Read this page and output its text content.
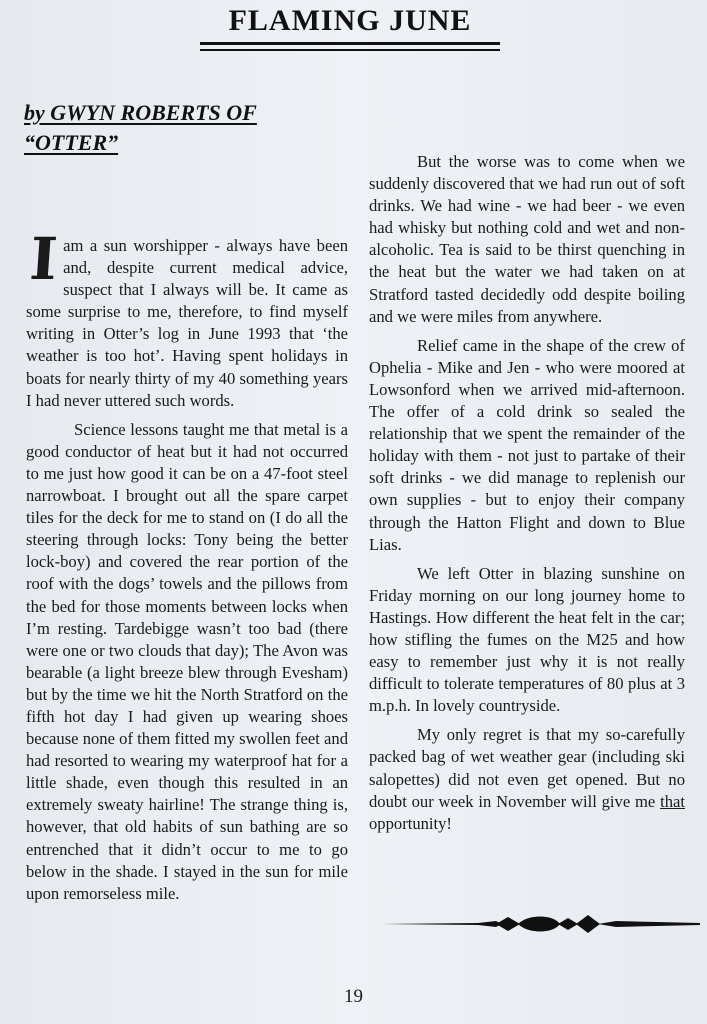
FLAMING JUNE
by GWYN ROBERTS OF
“OTTER”

Iam a sun worshipper - always have been and, despite current medical advice, suspect that I always will be. It came as some surprise to me, therefore, to find myself writing in Otter’s log in June 1993 that ‘the weather is too hot’. Having spent holidays in boats for nearly thirty of my 40 something years I had never uttered such words.

Science lessons taught me that metal is a good conductor of heat but it had not occurred to me just how good it can be on a 47-foot steel narrowboat. I brought out all the spare carpet tiles for the deck for me to stand on (I do all the steering through locks: Tony being the better lock-boy) and covered the rear portion of the roof with the dogs’ towels and the pillows from the bed for those moments between locks when I’m resting. Tardebigge wasn’t too bad (there were one or two clouds that day); The Avon was bearable (a light breeze blew through Evesham) but by the time we hit the North Stratford on the fifth hot day I had given up wearing shoes because none of them fitted my swollen feet and had resorted to wearing my waterproof hat for a little shade, even though this resulted in an extremely sweaty hairline! The strange thing is, however, that old habits of sun bathing are so entrenched that it didn’t occur to me to go below in the shade. I stayed in the sun for mile upon remorseless mile.

But the worse was to come when we suddenly discovered that we had run out of soft drinks. We had wine - we had beer - we even had whisky but nothing cold and wet and non-alcoholic. Tea is said to be thirst quenching in the heat but the water we had taken on at Stratford tasted decidedly odd despite boiling and we were miles from anywhere.

Relief came in the shape of the crew of Ophelia - Mike and Jen - who were moored at Lowsonford when we arrived mid-afternoon. The offer of a cold drink so sealed the relationship that we spent the remainder of the holiday with them - not just to partake of their soft drinks - we did manage to replenish our own supplies - but to enjoy their company through the Hatton Flight and down to Blue Lias.

We left Otter in blazing sunshine on Friday morning on our long journey home to Hastings. How different the heat felt in the car; how stifling the fumes on the M25 and how easy to remember just why it is not really difficult to tolerate temperatures of 80 plus at 3 m.p.h. In lovely countryside.

My only regret is that my so-carefully packed bag of wet weather gear (including ski salopettes) did not even get opened. But no doubt our week in November will give me that opportunity!

19
